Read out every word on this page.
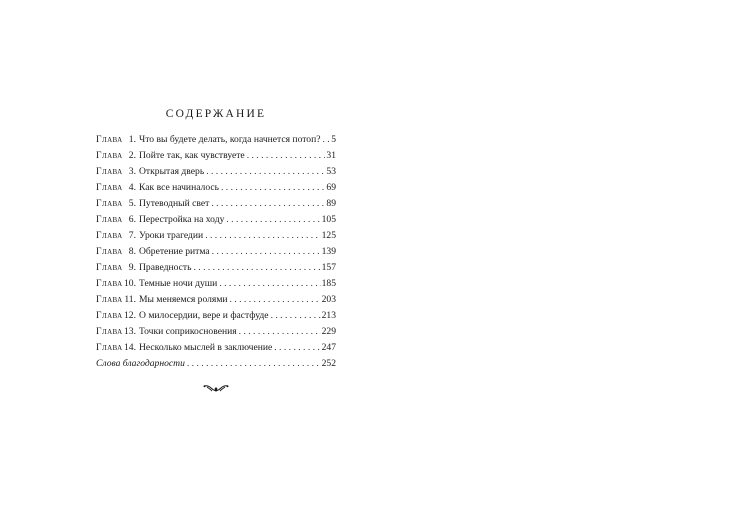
СОДЕРЖАНИЕ
Глава 1. Что вы будете делать, когда начнется потоп? . . . 5
Глава 2. Пойте так, как чувствуете . . .	31
Глава 3. Открытая дверь . . .	53
Глава 4. Как все начиналось . . .	69
Глава 5. Путеводный свет . . .	89
Глава 6. Перестройка на ходу . . .	105
Глава 7. Уроки трагедии . . .	125
Глава 8. Обретение ритма . . .	139
Глава 9. Праведность . . .	157
Глава 10. Темные ночи души . . .	185
Глава 11. Мы меняемся ролями . . .	203
Глава 12. О милосердии, вере и фастфуде . . .	213
Глава 13. Точки соприкосновения . . .	229
Глава 14. Несколько мыслей в заключение . . .	247
Слова благодарности . . .	252
